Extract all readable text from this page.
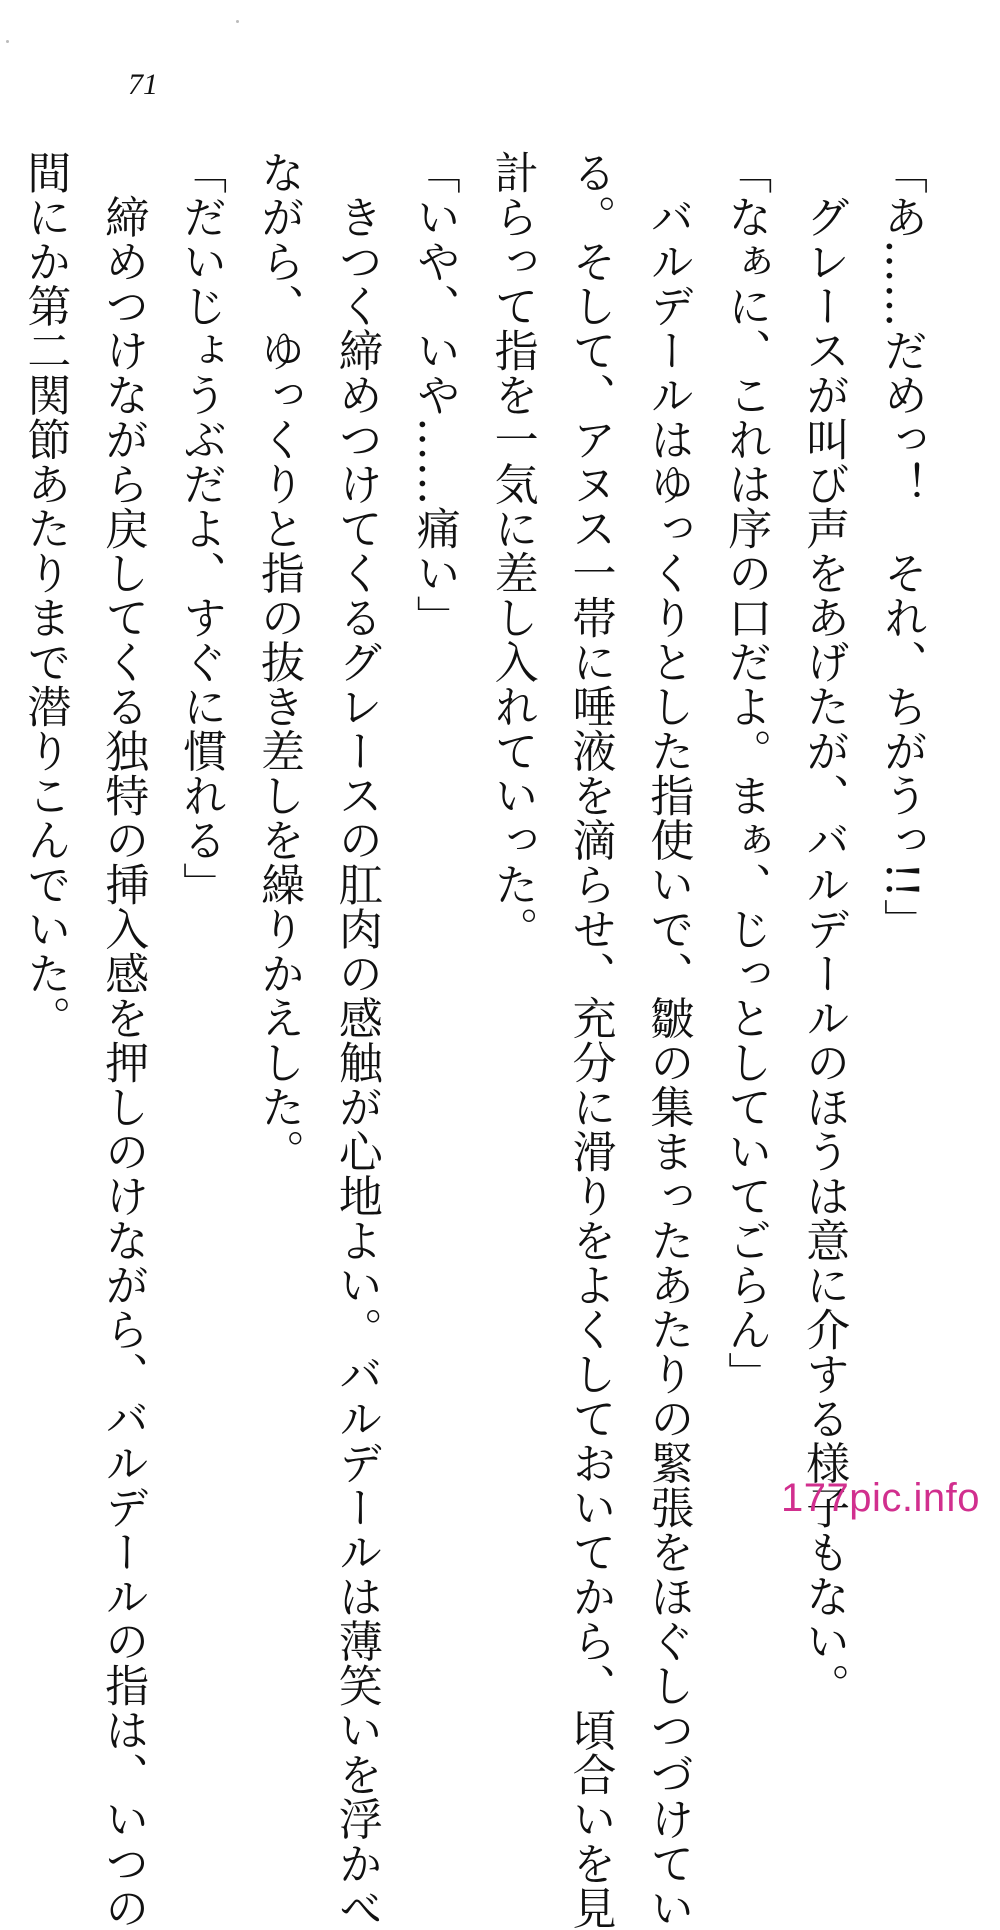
71
「あ……だめっ！　それ、ちがうっ!!」
　グレースが叫び声をあげたが、バルデールのほうは意に介する様子もない。
「なぁに、これは序の口だよ。まぁ、じっとしていてごらん」
　バルデールはゆっくりとした指使いで、皺の集まったあたりの緊張をほぐしつづけてい
る。そして、アヌス一帯に唾液を滴らせ、充分に滑りをよくしておいてから、頃合いを見
計らって指を一気に差し入れていった。
「いや、いや……痛い」
　きつく締めつけてくるグレースの肛肉の感触が心地よい。バルデールは薄笑いを浮かべ
ながら、ゆっくりと指の抜き差しを繰りかえした。
「だいじょうぶだよ、すぐに慣れる」
　締めつけながら戻してくる独特の挿入感を押しのけながら、バルデールの指は、いつの
間にか第二関節あたりまで潜りこんでいた。
177pic.info
